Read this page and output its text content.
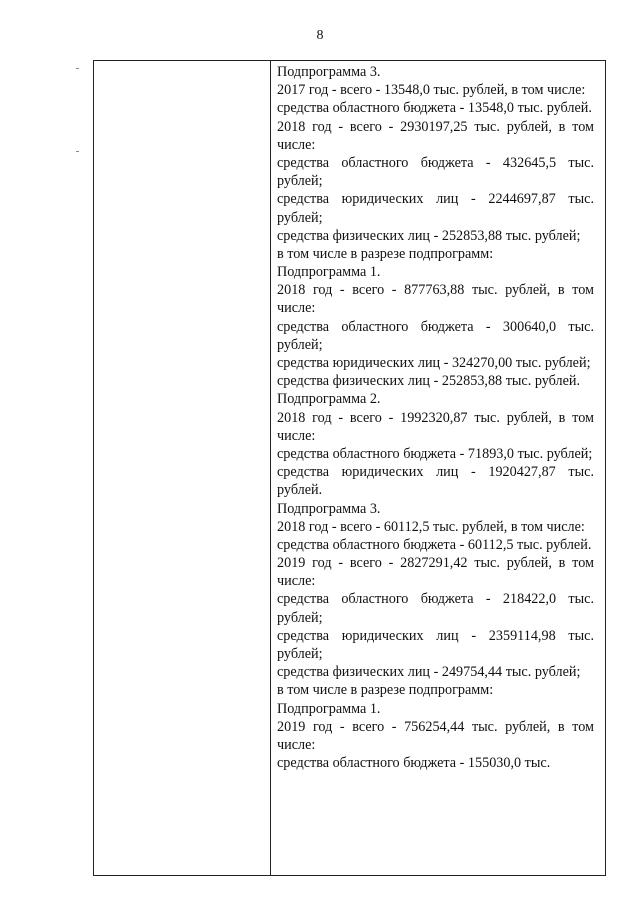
8

Подпрограмма 3.

2017 год - всего - 13548,0 тыс. рублей, в том числе:

средства областного бюджета - 13548,0 тыс. рублей.

2018 год - всего - 2930197,25 тыс. рублей, в том числе:

средства областного бюджета - 432645,5 тыс. рублей;

средства юридических лиц - 2244697,87 тыс. рублей;

средства физических лиц - 252853,88 тыс. рублей;

в том числе в разрезе подпрограмм:

Подпрограмма 1.

2018 год - всего - 877763,88 тыс. рублей, в том числе:

средства областного бюджета - 300640,0 тыс. рублей;

средства юридических лиц - 324270,00 тыс. рублей;

средства физических лиц - 252853,88 тыс. рублей.

Подпрограмма 2.

2018 год - всего - 1992320,87 тыс. рублей, в том числе:

средства областного бюджета - 71893,0 тыс. рублей;

средства юридических лиц - 1920427,87 тыс. рублей.

Подпрограмма 3.

2018 год - всего - 60112,5 тыс. рублей, в том числе:

средства областного бюджета - 60112,5 тыс. рублей.

2019 год - всего - 2827291,42 тыс. рублей, в том числе:

средства областного бюджета - 218422,0 тыс. рублей;

средства юридических лиц - 2359114,98 тыс. рублей;

средства физических лиц - 249754,44 тыс. рублей;

в том числе в разрезе подпрограмм:

Подпрограмма 1.

2019 год - всего - 756254,44 тыс. рублей, в том числе:

средства областного бюджета - 155030,0 тыс.
